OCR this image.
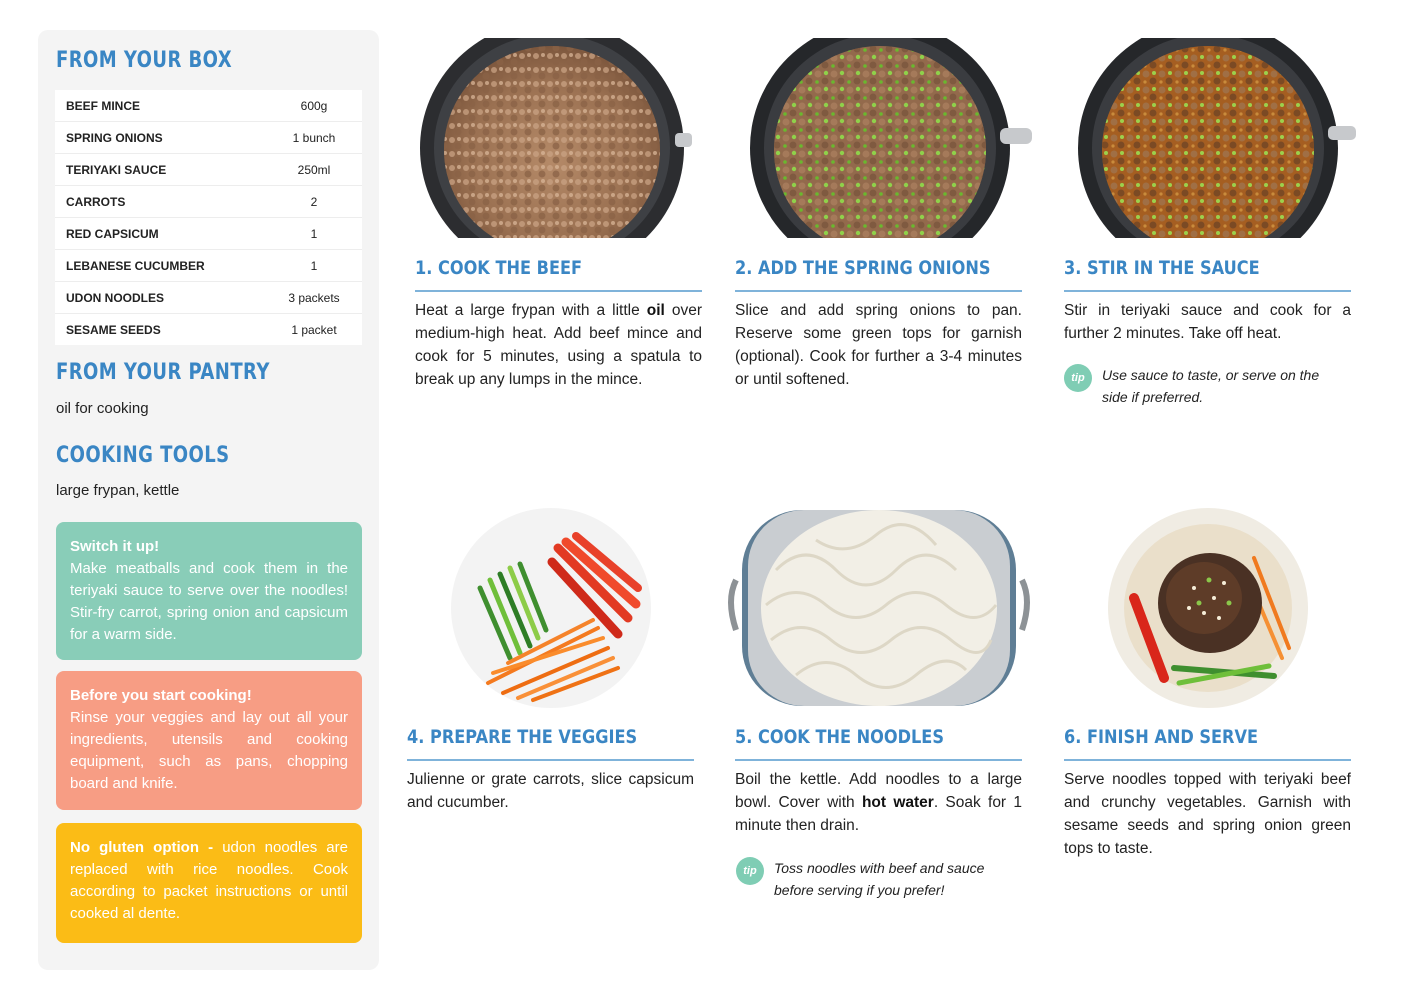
FROM YOUR BOX
BEEF MINCE	600g
SPRING ONIONS	1 bunch
TERIYAKI SAUCE	250ml
CARROTS	2
RED CAPSICUM	1
LEBANESE CUCUMBER	1
UDON NOODLES	3 packets
SESAME SEEDS	1 packet
FROM YOUR PANTRY
oil for cooking
COOKING TOOLS
large frypan, kettle
Switch it up!
Make meatballs and cook them in the teriyaki sauce to serve over the noodles! Stir-fry carrot, spring onion and capsicum for a warm side.
Before you start cooking!
Rinse your veggies and lay out all your ingredients, utensils and cooking equipment, such as pans, chopping board and knife.
No gluten option - udon noodles are replaced with rice noodles. Cook according to packet instructions or until cooked al dente.
1. COOK THE BEEF
Heat a large frypan with a little oil over medium-high heat. Add beef mince and cook for 5 minutes, using a spatula to break up any lumps in the mince.
2. ADD THE SPRING ONIONS
Slice and add spring onions to pan. Reserve some green tops for garnish (optional). Cook for further a 3-4 minutes or until softened.
3. STIR IN THE SAUCE
Stir in teriyaki sauce and cook for a further 2 minutes. Take off heat.
tip	Use sauce to taste, or serve on the side if preferred.
4. PREPARE THE VEGGIES
Julienne or grate carrots, slice capsicum and cucumber.
5. COOK THE NOODLES
Boil the kettle. Add noodles to a large bowl. Cover with hot water. Soak for 1 minute then drain.
tip	Toss noodles with beef and sauce before serving if you prefer!
6. FINISH AND SERVE
Serve noodles topped with teriyaki beef and crunchy vegetables. Garnish with sesame seeds and spring onion green tops to taste.
